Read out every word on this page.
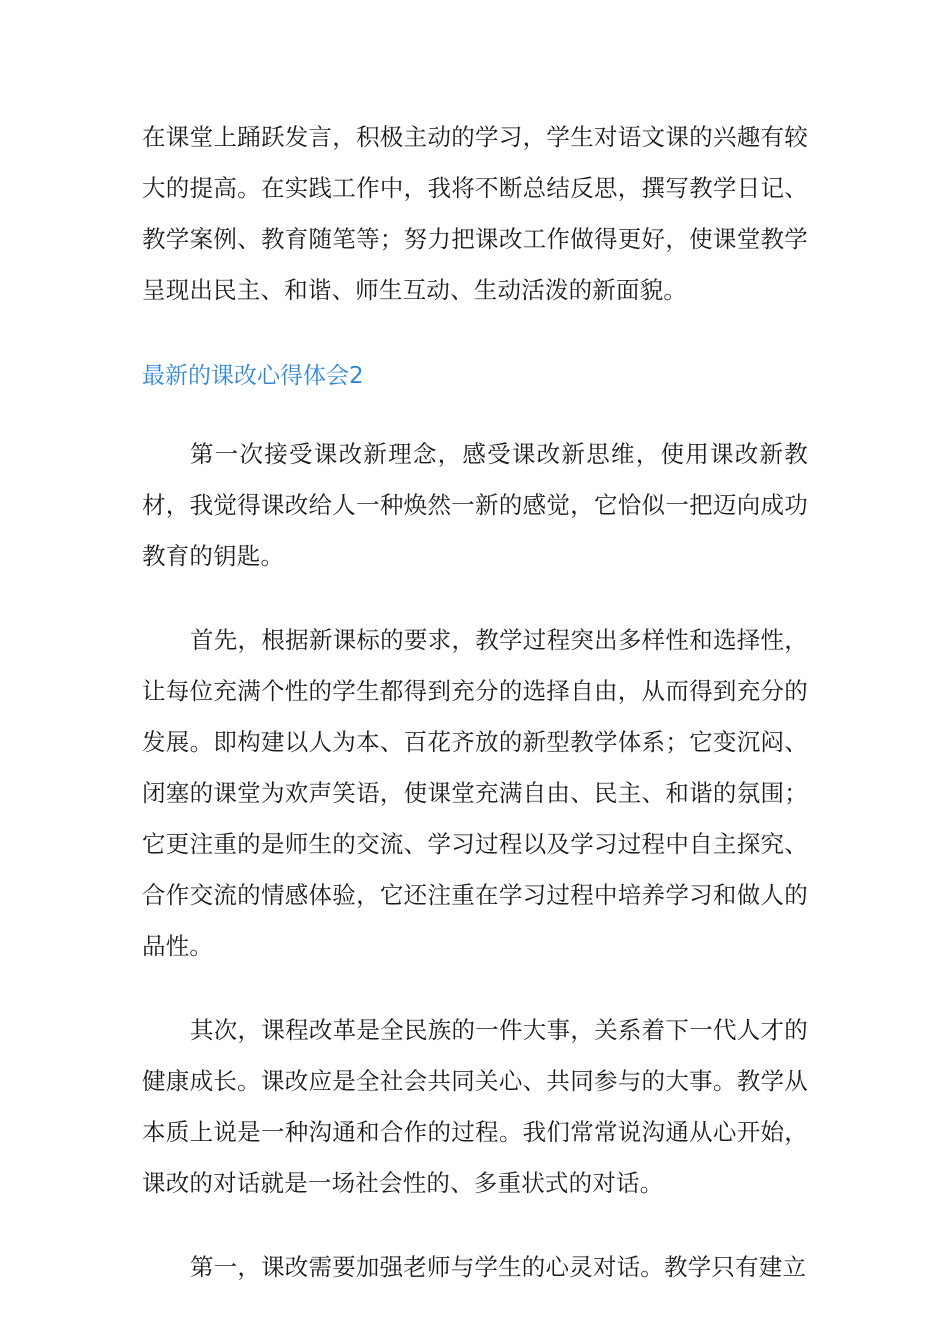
在课堂上踊跃发言，积极主动的学习，学生对语文课的兴趣有较大的提高。在实践工作中，我将不断总结反思，撰写教学日记、教学案例、教育随笔等；努力把课改工作做得更好，使课堂教学呈现出民主、和谐、师生互动、生动活泼的新面貌。

最新的课改心得体会2

第一次接受课改新理念，感受课改新思维，使用课改新教材，我觉得课改给人一种焕然一新的感觉，它恰似一把迈向成功教育的钥匙。

首先，根据新课标的要求，教学过程突出多样性和选择性，让每位充满个性的学生都得到充分的选择自由，从而得到充分的发展。即构建以人为本、百花齐放的新型教学体系；它变沉闷、闭塞的课堂为欢声笑语，使课堂充满自由、民主、和谐的氛围；它更注重的是师生的交流、学习过程以及学习过程中自主探究、合作交流的情感体验，它还注重在学习过程中培养学习和做人的品性。

其次，课程改革是全民族的一件大事，关系着下一代人才的健康成长。课改应是全社会共同关心、共同参与的大事。教学从本质上说是一种沟通和合作的过程。我们常常说沟通从心开始，课改的对话就是一场社会性的、多重状式的对话。

第一，课改需要加强老师与学生的心灵对话。教学只有建立
